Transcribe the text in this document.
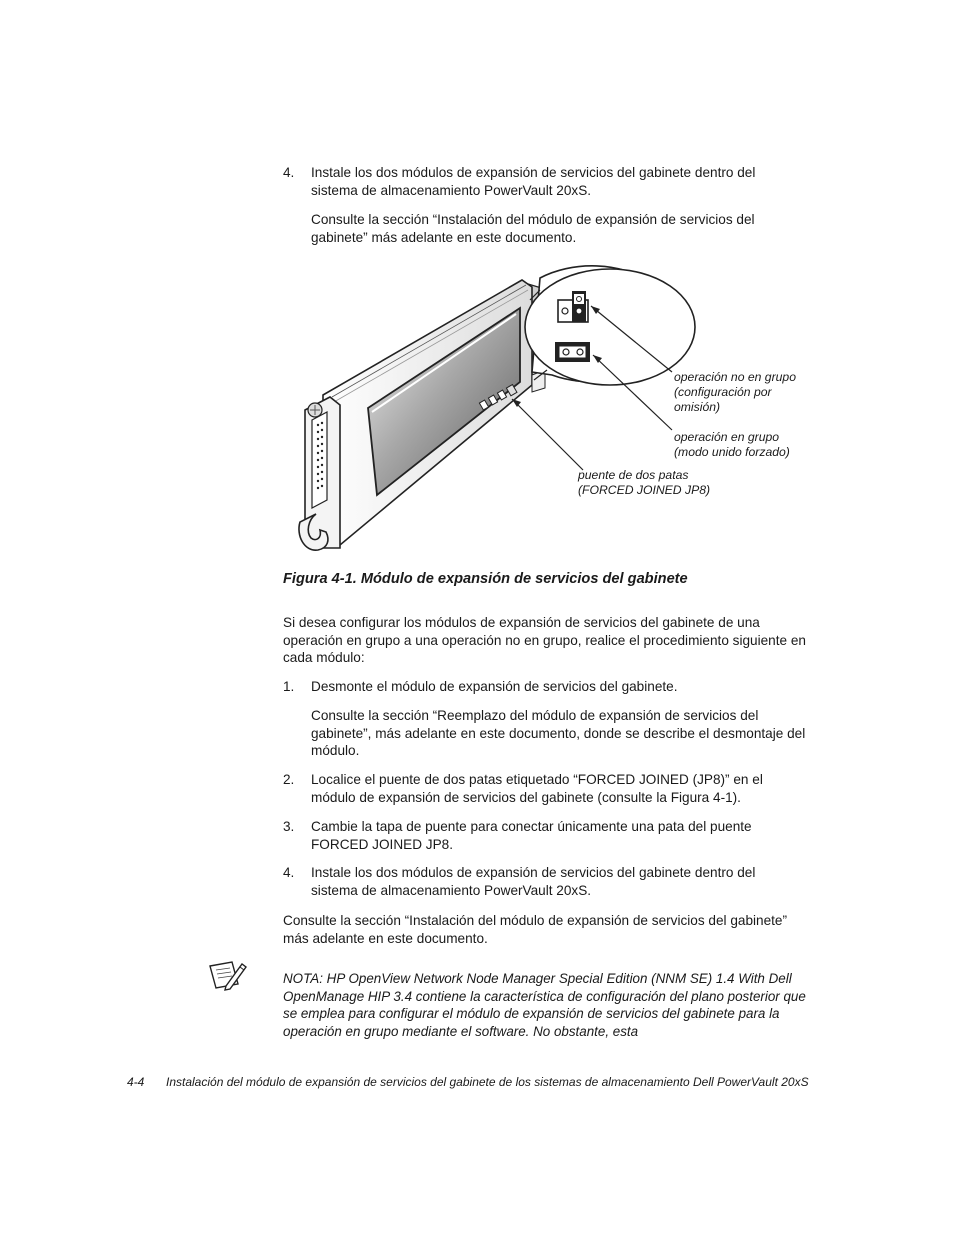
4. Instale los dos módulos de expansión de servicios del gabinete dentro del sistema de almacenamiento PowerVault 20xS.

Consulte la sección “Instalación del módulo de expansión de servicios del gabinete” más adelante en este documento.

operación no en grupo (configuración por omisión)
operación en grupo (modo unido forzado)
puente de dos patas (FORCED JOINED JP8)
Figura 4-1. Módulo de expansión de servicios del gabinete

Si desea configurar los módulos de expansión de servicios del gabinete de una operación en grupo a una operación no en grupo, realice el procedimiento siguiente en cada módulo:

1. Desmonte el módulo de expansión de servicios del gabinete.

Consulte la sección “Reemplazo del módulo de expansión de servicios del gabinete”, más adelante en este documento, donde se describe el desmontaje del módulo.

2. Localice el puente de dos patas etiquetado “FORCED JOINED (JP8)” en el módulo de expansión de servicios del gabinete (consulte la Figura 4-1).

3. Cambie la tapa de puente para conectar únicamente una pata del puente FORCED JOINED JP8.

4. Instale los dos módulos de expansión de servicios del gabinete dentro del sistema de almacenamiento PowerVault 20xS.

Consulte la sección “Instalación del módulo de expansión de servicios del gabinete” más adelante en este documento.

NOTA: HP OpenView Network Node Manager Special Edition (NNM SE) 1.4 With Dell OpenManage HIP 3.4 contiene la característica de configuración del plano posterior que se emplea para configurar el módulo de expansión de servicios del gabinete para la operación en grupo mediante el software. No obstante, esta

4-4 Instalación del módulo de expansión de servicios del gabinete de los sistemas de almacenamiento Dell PowerVault 20xS
